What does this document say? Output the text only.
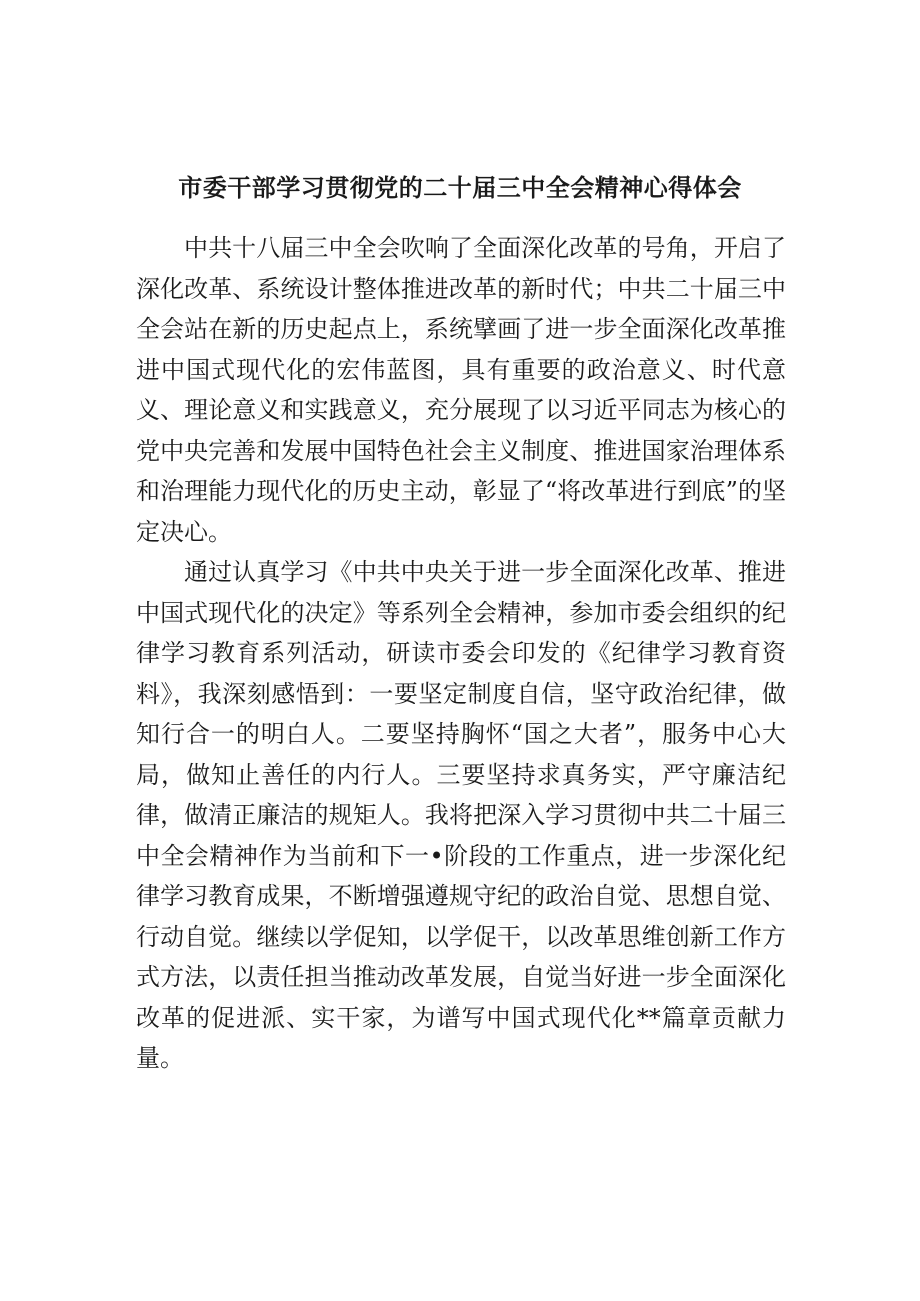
市委干部学习贯彻党的二十届三中全会精神心得体会

中共十八届三中全会吹响了全面深化改革的号角，开启了深化改革、系统设计整体推进改革的新时代；中共二十届三中全会站在新的历史起点上，系统擘画了进一步全面深化改革推进中国式现代化的宏伟蓝图，具有重要的政治意义、时代意义、理论意义和实践意义，充分展现了以习近平同志为核心的党中央完善和发展中国特色社会主义制度、推进国家治理体系和治理能力现代化的历史主动，彰显了“将改革进行到底”的坚定决心。

通过认真学习《中共中央关于进一步全面深化改革、推进中国式现代化的决定》等系列全会精神，参加市委会组织的纪律学习教育系列活动，研读市委会印发的《纪律学习教育资料》，我深刻感悟到：一要坚定制度自信，坚守政治纪律，做知行合一的明白人。二要坚持胸怀“国之大者”，服务中心大局，做知止善任的内行人。三要坚持求真务实，严守廉洁纪律，做清正廉洁的规矩人。我将把深入学习贯彻中共二十届三中全会精神作为当前和下一•阶段的工作重点，进一步深化纪律学习教育成果，不断增强遵规守纪的政治自觉、思想自觉、行动自觉。继续以学促知，以学促干，以改革思维创新工作方式方法，以责任担当推动改革发展，自觉当好进一步全面深化改革的促进派、实干家，为谱写中国式现代化**篇章贡献力量。
